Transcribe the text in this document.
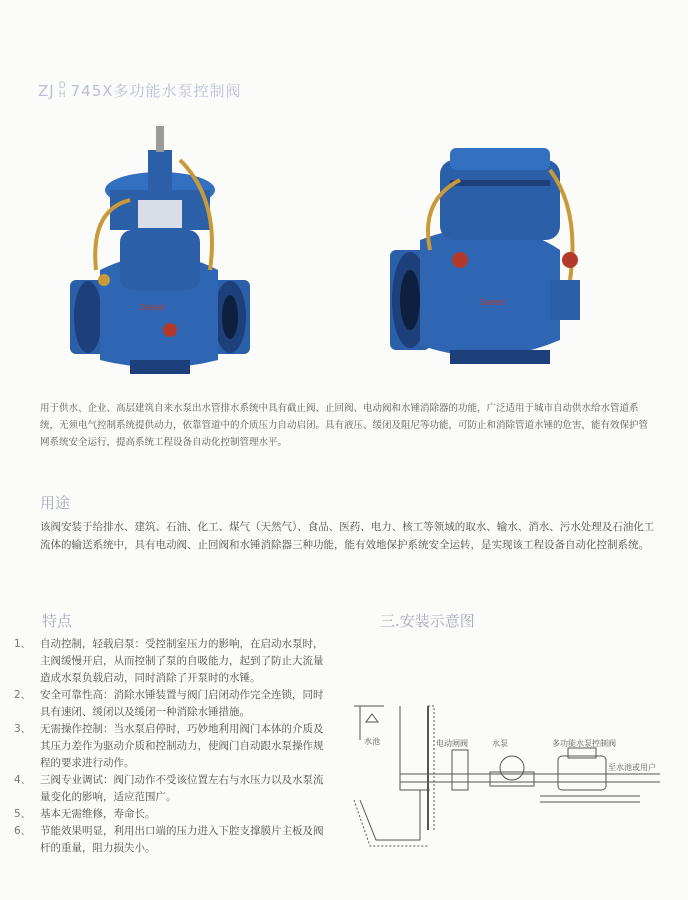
ZJ D
H 745X多功能水泵控制阀
Dated
Dated
用于供水、企业、高层建筑自来水泵出水管排水系统中具有截止阀、止回阀、电动阀和水锤消除器的功能，广泛适用于城市自动供水给水管道系统，无须电气控制系统提供动力，依靠管道中的介质压力自动启闭。具有液压、缓闭及阻尼等功能，可防止和消除管道水锤的危害，能有效保护管网系统安全运行，提高系统工程设备自动化控制管理水平。
用途
该阀安装于给排水、建筑、石油、化工、煤气（天然气）、食品、医药、电力、核工等领域的取水、输水、消水、污水处理及石油化工流体的输送系统中，具有电动阀、止回阀和水锤消除器三种功能，能有效地保护系统安全运转，是实现该工程设备自动化控制系统。
特点
1、 自动控制，轻载启泵：受控制室压力的影响，在启动水泵时，主阀缓慢开启，从而控制了泵的自吸能力，起到了防止大流量造成水泵负载启动，同时消除了开泵时的水锤。
2、 安全可靠性高：消除水锤装置与阀门启闭动作完全连锁，同时具有速闭、缓闭以及缓闭一种消除水锤措施。
3、 无需操作控制：当水泵启停时，巧妙地利用阀门本体的介质及其压力差作为驱动介质和控制动力，使阀门自动跟水泵操作规程的要求进行动作。
4、 三阀专业调试：阀门动作不受该位置左右与水压力以及水泵流量变化的影响，适应范围广。
5、 基本无需维修，寿命长。
6、 节能效果明显，利用出口端的压力进入下腔支撑膜片主板及阀杆的重量，阻力损失小。
三.安装示意图
水池	电动闸阀	水泵	多功能水泵控制阀
至水池或用户
